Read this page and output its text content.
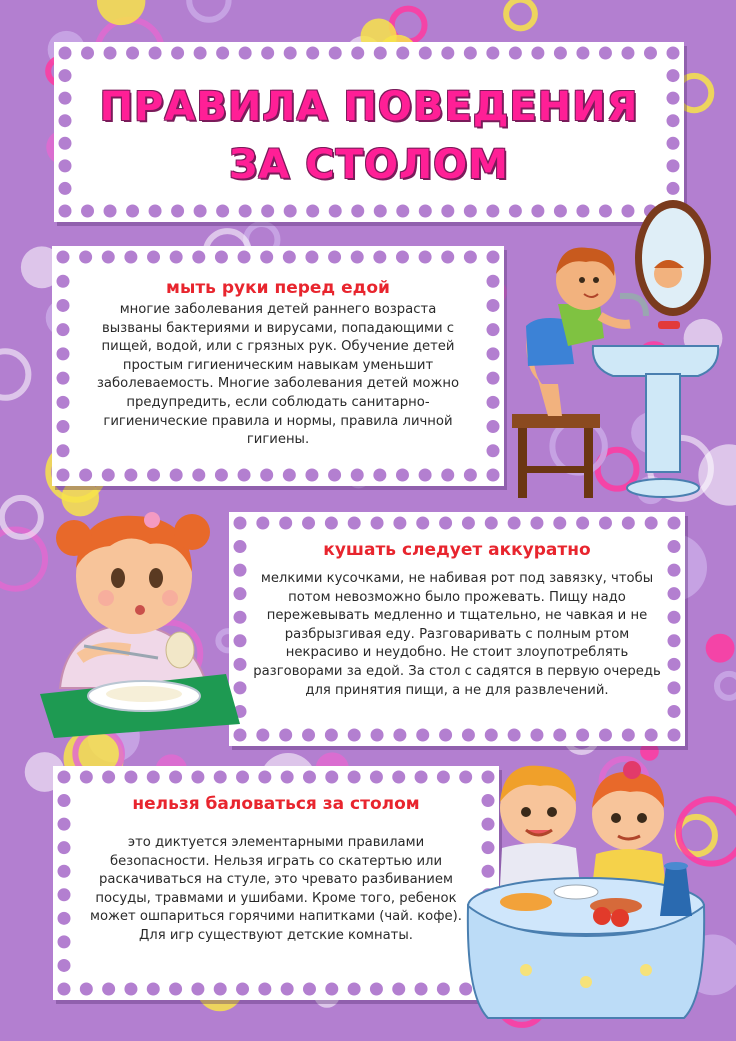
ПРАВИЛА ПОВЕДЕНИЯ
ЗА СТОЛОМ
мыть руки перед едой
многие заболевания детей раннего возраста вызваны бактериями и вирусами, попадающими с пищей, водой, или с грязных рук. Обучение детей простым гигиеническим навыкам уменьшит заболеваемость. Многие заболевания детей можно предупредить, если соблюдать санитарно-гигиенические правила и нормы, правила личной гигиены.
кушать следует аккуратно
мелкими кусочками, не набивая рот под завязку, чтобы потом невозможно было прожевать. Пищу надо пережевывать медленно и тщательно, не чавкая и не разбрызгивая еду. Разговаривать с полным ртом некрасиво и неудобно. Не стоит злоупотреблять разговорами за едой. За стол с садятся в первую очередь для принятия пищи, а не для развлечений.
нельзя баловаться за столом
это диктуется элементарными правилами безопасности. Нельзя играть со скатертью или раскачиваться на стуле, это чревато разбиванием посуды, травмами и ушибами. Кроме того, ребенок может ошпариться горячими напитками (чай. кофе). Для игр существуют детские комнаты.
